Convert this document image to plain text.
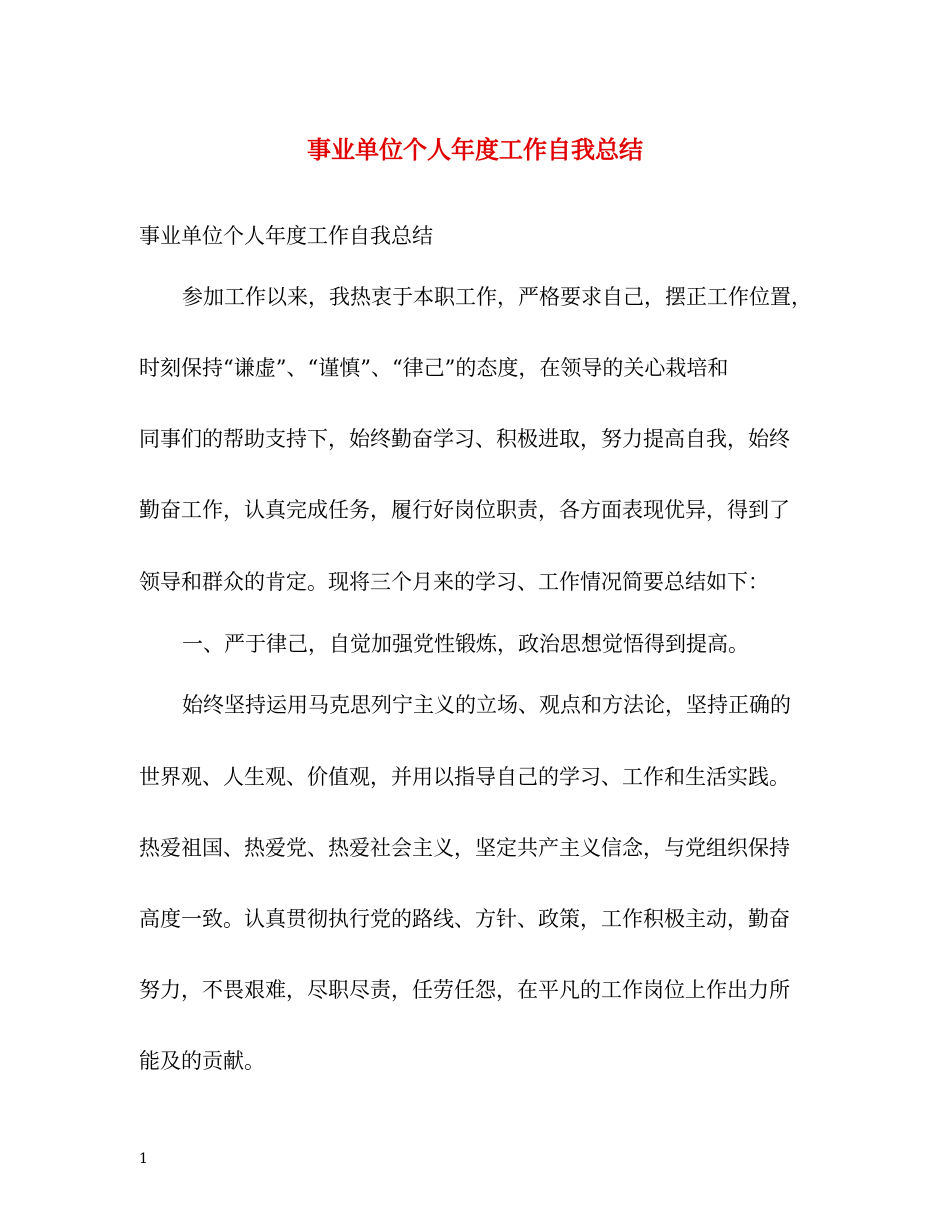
事业单位个人年度工作自我总结

事业单位个人年度工作自我总结

参加工作以来，我热衷于本职工作，严格要求自己，摆正工作位置，

时刻保持“谦虚”、“谨慎”、“律己”的态度，在领导的关心栽培和

同事们的帮助支持下，始终勤奋学习、积极进取，努力提高自我，始终

勤奋工作，认真完成任务，履行好岗位职责，各方面表现优异，得到了

领导和群众的肯定。现将三个月来的学习、工作情况简要总结如下：

一、严于律己，自觉加强党性锻炼，政治思想觉悟得到提高。

始终坚持运用马克思列宁主义的立场、观点和方法论，坚持正确的

世界观、人生观、价值观，并用以指导自己的学习、工作和生活实践。

热爱祖国、热爱党、热爱社会主义，坚定共产主义信念，与党组织保持

高度一致。认真贯彻执行党的路线、方针、政策，工作积极主动，勤奋

努力，不畏艰难，尽职尽责，任劳任怨，在平凡的工作岗位上作出力所

能及的贡献。

1
